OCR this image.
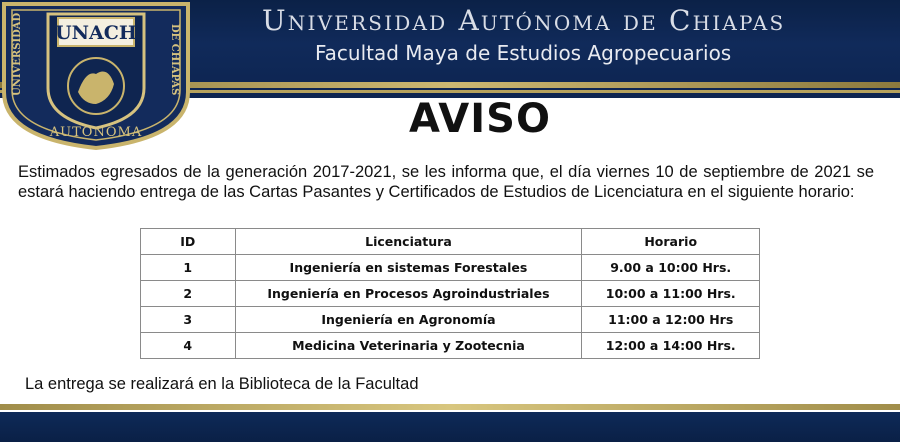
UNACH
UNIVERSIDAD	DE CHIAPAS
AUTONOMA
Universidad Autónoma de Chiapas
Facultad Maya de Estudios Agropecuarios
AVISO
Estimados egresados de la generación 2017-2021, se les informa que, el día viernes 10 de septiembre de 2021 se estará haciendo entrega de las Cartas Pasantes y Certificados de Estudios de Licenciatura en el siguiente horario:
ID	Licenciatura	Horario
1	Ingeniería en sistemas Forestales	9.00 a 10:00 Hrs.
2	Ingeniería en Procesos Agroindustriales	10:00 a 11:00 Hrs.
3	Ingeniería en Agronomía	11:00 a 12:00 Hrs
4	Medicina Veterinaria y Zootecnia	12:00 a 14:00 Hrs.
La entrega se realizará en la Biblioteca de la Facultad
